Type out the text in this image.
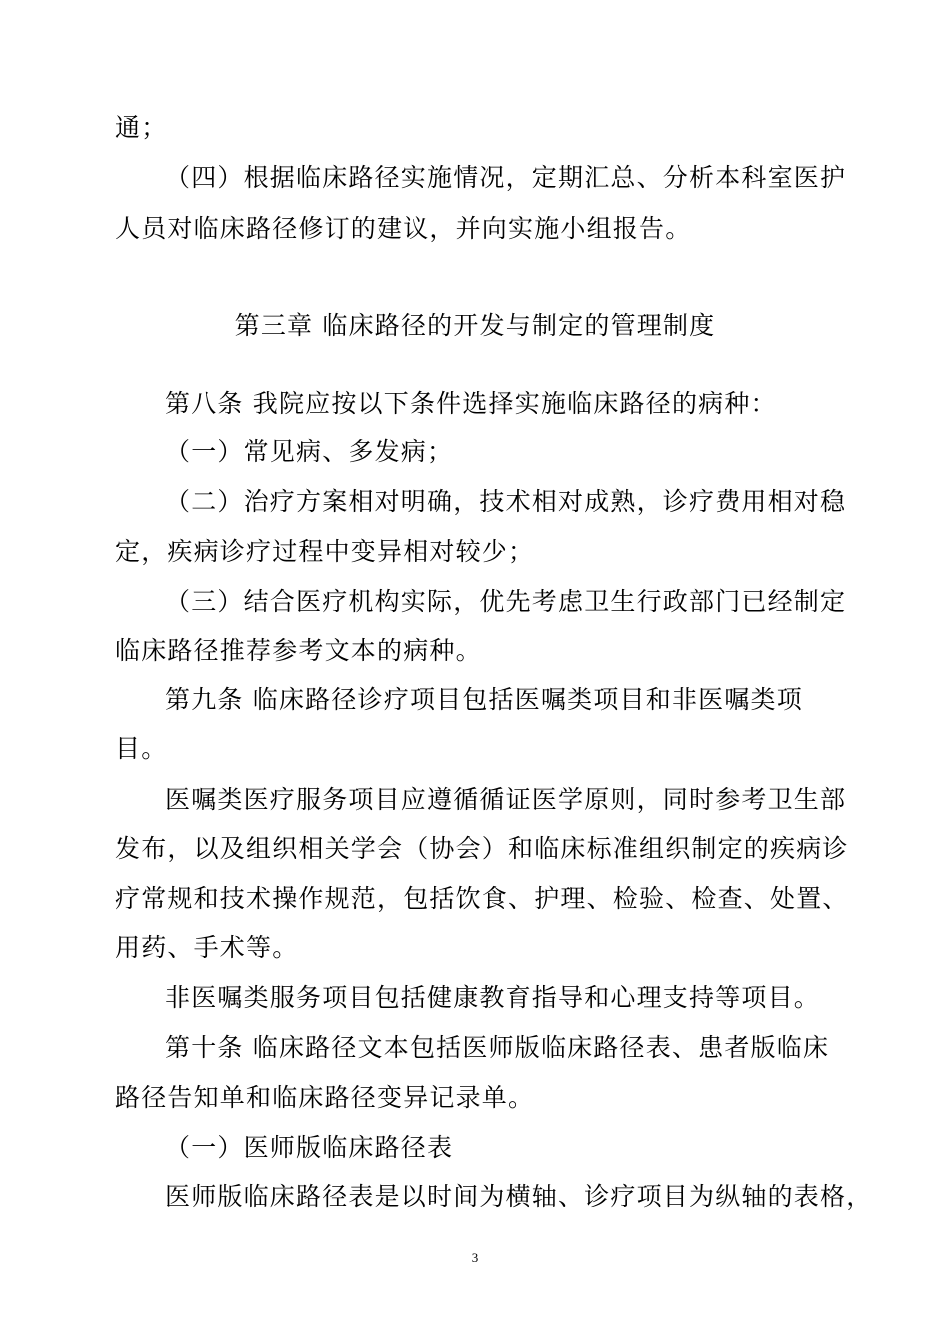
通；
（四）根据临床路径实施情况，定期汇总、分析本科室医护
人员对临床路径修订的建议，并向实施小组报告。
第三章 临床路径的开发与制定的管理制度
第八条 我院应按以下条件选择实施临床路径的病种：
（一）常见病、多发病；
（二）治疗方案相对明确，技术相对成熟，诊疗费用相对稳
定，疾病诊疗过程中变异相对较少；
（三）结合医疗机构实际，优先考虑卫生行政部门已经制定
临床路径推荐参考文本的病种。
第九条 临床路径诊疗项目包括医嘱类项目和非医嘱类项
目。
医嘱类医疗服务项目应遵循循证医学原则，同时参考卫生部
发布，以及组织相关学会（协会）和临床标准组织制定的疾病诊
疗常规和技术操作规范，包括饮食、护理、检验、检查、处置、
用药、手术等。
非医嘱类服务项目包括健康教育指导和心理支持等项目。
第十条 临床路径文本包括医师版临床路径表、患者版临床
路径告知单和临床路径变异记录单。
（一）医师版临床路径表
医师版临床路径表是以时间为横轴、诊疗项目为纵轴的表格，
3
